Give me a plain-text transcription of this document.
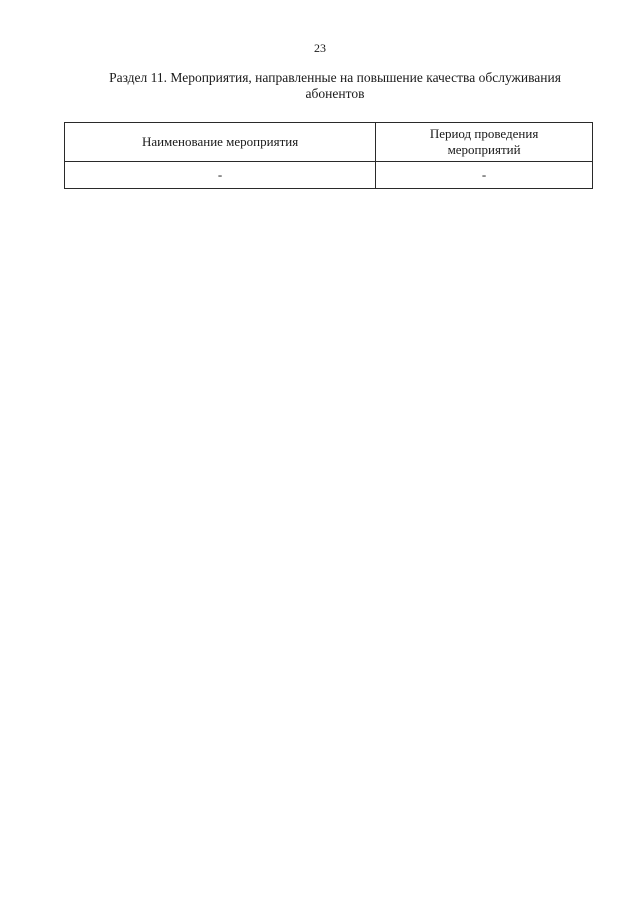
23
Раздел 11. Мероприятия, направленные на повышение качества обслуживания
абонентов
Наименование мероприятия	Период проведения
мероприятий

-	-
